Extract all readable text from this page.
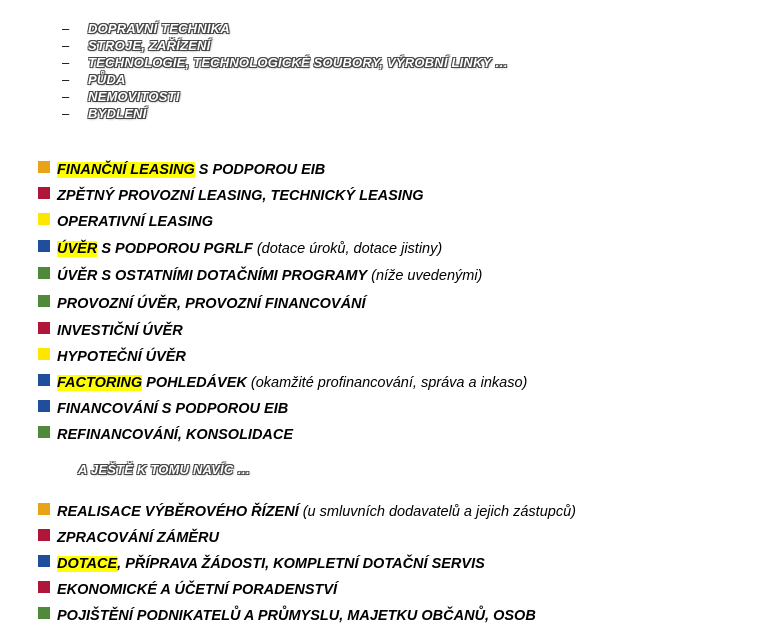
–	DOPRAVNÍ TECHNIKA
–	STROJE, ZAŘÍZENÍ
–	TECHNOLOGIE, TECHNOLOGICKÉ SOUBORY, VÝROBNÍ LINKY …
–	PŮDA
–	NEMOVITOSTI
–	BYDLENÍ
FINANČNÍ LEASING S PODPOROU EIB
ZPĚTNÝ PROVOZNÍ LEASING, TECHNICKÝ LEASING
OPERATIVNÍ LEASING
ÚVĚR S PODPOROU PGRLF (dotace úroků, dotace jistiny)
ÚVĚR S OSTATNÍMI DOTAČNÍMI PROGRAMY (níže uvedenými)
PROVOZNÍ ÚVĚR, PROVOZNÍ FINANCOVÁNÍ
INVESTIČNÍ ÚVĚR
HYPOTEČNÍ ÚVĚR
FACTORING POHLEDÁVEK (okamžité profinancování, správa a inkaso)
FINANCOVÁNÍ S PODPOROU EIB
REFINANCOVÁNÍ, KONSOLIDACE
A JEŠTĚ K TOMU NAVÍC …
REALISACE VÝBĚROVÉHO ŘÍZENÍ (u smluvních dodavatelů a jejich zástupců)
ZPRACOVÁNÍ ZÁMĚRU
DOTACE, PŘÍPRAVA ŽÁDOSTI, KOMPLETNÍ DOTAČNÍ SERVIS
EKONOMICKÉ A ÚČETNÍ PORADENSTVÍ
POJIŠTĚNÍ PODNIKATELŮ A PRŮMYSLU, MAJETKU OBČANŮ, OSOB
